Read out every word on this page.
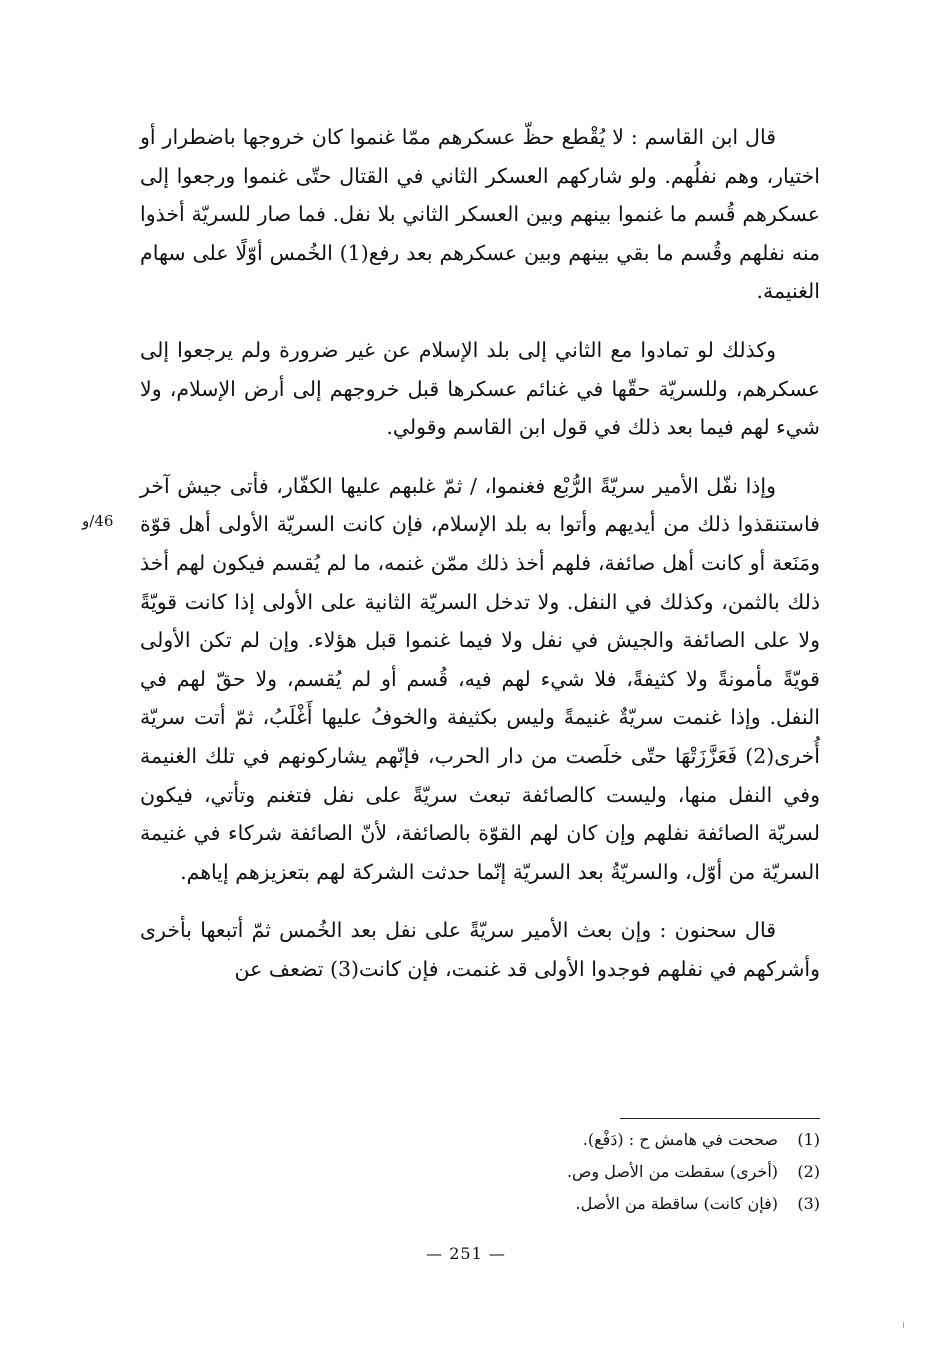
46/و

قال ابن القاسم : لا يُقْطع حظّ عسكرهم ممّا غنموا كان خروجها باضطرار أو اختيار، وهم نفلُهم. ولو شاركهم العسكر الثاني في القتال حتّى غنموا ورجعوا إلى عسكرهم قُسم ما غنموا بينهم وبين العسكر الثاني بلا نفل. فما صار للسريّة أخذوا منه نفلهم وقُسم ما بقي بينهم وبين عسكرهم بعد رفع(1) الخُمس أوّلًا على سهام الغنيمة.

وكذلك لو تمادوا مع الثاني إلى بلد الإسلام عن غير ضرورة ولم يرجعوا إلى عسكرهم، وللسريّة حقّها في غنائم عسكرها قبل خروجهم إلى أرض الإسلام، ولا شيء لهم فيما بعد ذلك في قول ابن القاسم وقولي.

وإذا نفّل الأمير سريّةً الرُّبْع فغنموا، / ثمّ غلبهم عليها الكفّار، فأتى جيش آخر فاستنقذوا ذلك من أيديهم وأتوا به بلد الإسلام، فإن كانت السريّة الأولى أهل قوّة ومَنَعة أو كانت أهل صائفة، فلهم أخذ ذلك ممّن غنمه، ما لم يُقسم فيكون لهم أخذ ذلك بالثمن، وكذلك في النفل. ولا تدخل السريّة الثانية على الأولى إذا كانت قويّةً ولا على الصائفة والجيش في نفل ولا فيما غنموا قبل هؤلاء. وإن لم تكن الأولى قويّةً مأمونةً ولا كثيفةً، فلا شيء لهم فيه، قُسم أو لم يُقسم، ولا حقّ لهم في النفل. وإذا غنمت سريّةٌ غنيمةً وليس بكثيفة والخوفُ عليها أَغْلَبُ، ثمّ أتت سريّة أُخرى(2) فَعَزَّزَتْهَا حتّى خلَصت من دار الحرب، فإنّهم يشاركونهم في تلك الغنيمة وفي النفل منها، وليست كالصائفة تبعث سريّةً على نفل فتغنم وتأتي، فيكون لسريّة الصائفة نفلهم وإن كان لهم القوّة بالصائفة، لأنّ الصائفة شركاء في غنيمة السريّة من أوّل، والسريّةُ بعد السريّة إنّما حدثت الشركة لهم بتعزيزهم إياهم.

قال سحنون : وإن بعث الأمير سريّةً على نفل بعد الخُمس ثمّ أتبعها بأخرى وأشركهم في نفلهم فوجدوا الأولى قد غنمت، فإن كانت(3) تضعف عن

(1)
صححت في هامش ح : (دَفْع).
(2)
(أخرى) سقطت من الأصل وص.
(3)
(فإن كانت) ساقطة من الأصل.
— 251 —
